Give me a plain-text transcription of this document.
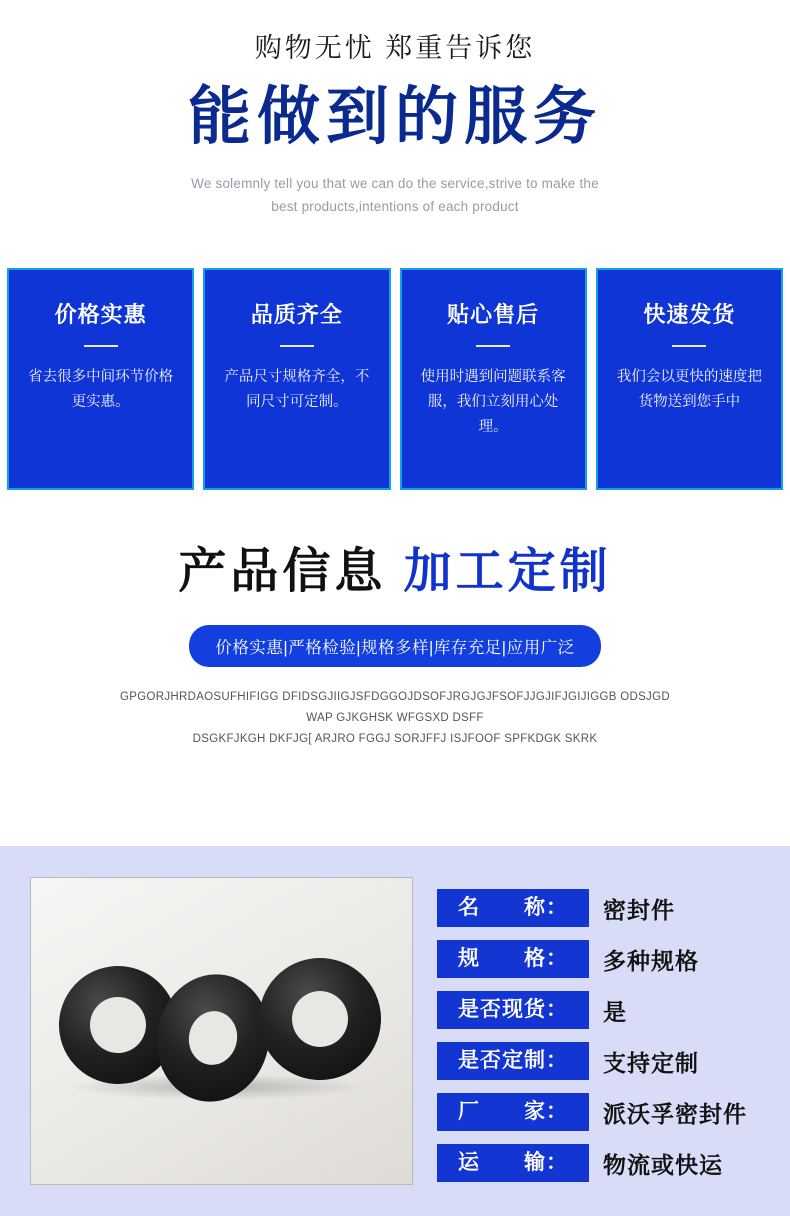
购物无忧 郑重告诉您
能做到的服务
We solemnly tell you that we can do the service,strive to make the
best products,intentions of each product
价格实惠
省去很多中间环节价格更实惠。
品质齐全
产品尺寸规格齐全，不同尺寸可定制。
贴心售后
使用时遇到问题联系客服，我们立刻用心处理。
快速发货
我们会以更快的速度把货物送到您手中
产品信息 加工定制
价格实惠|严格检验|规格多样|库存充足|应用广泛
GPGORJHRDAOSUFHIFIGG DFIDSGJIIGJSFDGGOJDSOFJRGJGJFSOFJJGJIFJGIJIGGB ODSJGD
WAP GJKGHSK WFGSXD DSFF
DSGKFJKGH DKFJG[ ARJRO FGGJ SORJFFJ ISJFOOF SPFKDGK SKRK
名　　称：	密封件
规　　格：	多种规格
是否现货：	是
是否定制：	支持定制
厂　　家：	派沃孚密封件
运　　输：	物流或快运
